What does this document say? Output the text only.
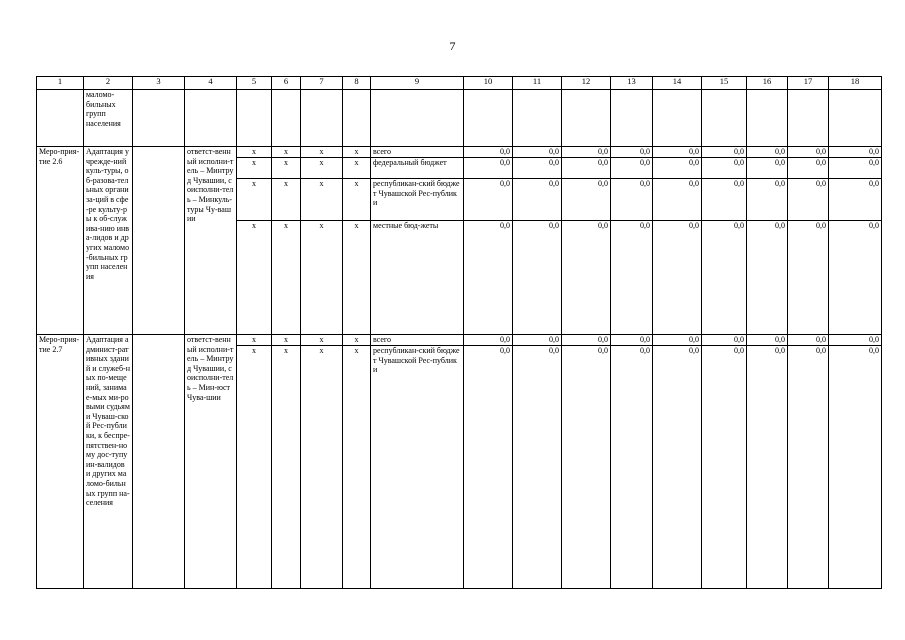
7
1	2	3	4	5	6	7	8	9	10	11	12	13	14	15	16	17	18
	маломо-бильных групп населения																
Меро-прия-тие 2.6	Адаптация учрежде-ний куль-туры, об-разова-тельных организа-ций в сфе-ре культу-ры к об-служива-нию инва-лидов и других маломо-бильных групп населения		ответст-венный исполни-тель – Минтруд Чувашии, соисполни-тель – Минкуль-туры Чу-вашии	x	x	x	x	всего	0,0	0,0	0,0	0,0	0,0	0,0	0,0	0,0	0,0
				x	x	x	x	федеральный бюджет	0,0	0,0	0,0	0,0	0,0	0,0	0,0	0,0	0,0
				x	x	x	x	республикан-ский бюджет Чувашской Рес-публики	0,0	0,0	0,0	0,0	0,0	0,0	0,0	0,0	0,0
				x	x	x	x	местные бюд-жеты	0,0	0,0	0,0	0,0	0,0	0,0	0,0	0,0	0,0
Меро-прия-тие 2.7	Адаптация админист-ративных зданий и служеб-ных по-мещений, занимае-мых ми-ровыми судьями Чуваш-ской Рес-публики, к беспре-пятствен-ному дос-тупу ин-валидов и других маломо-бильных групп на-селения		ответст-венный исполни-тель – Минтруд Чувашии, соисполни-тель – Мин-юст Чува-шии	x	x	x	x	всего	0,0	0,0	0,0	0,0	0,0	0,0	0,0	0,0	0,0
				x	x	x	x	республикан-ский бюджет Чувашской Рес-публики	0,0	0,0	0,0	0,0	0,0	0,0	0,0	0,0	0,0
